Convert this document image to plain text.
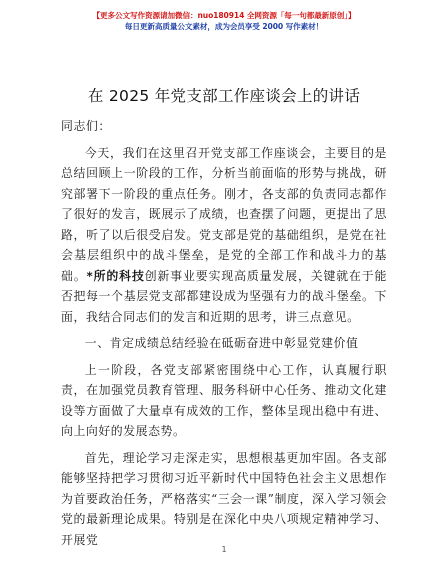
【更多公文写作资源请加微信：nuo180914 全网资源「每一句都最新原创」】
每日更新高质量公文素材，成为会员享受 2000 写作素材！
在 2025 年党支部工作座谈会上的讲话

同志们：

今天，我们在这里召开党支部工作座谈会，主要目的是总结回顾上一阶段的工作，分析当前面临的形势与挑战，研究部署下一阶段的重点任务。刚才，各支部的负责同志都作了很好的发言，既展示了成绩，也查摆了问题，更提出了思路，听了以后很受启发。党支部是党的基础组织，是党在社会基层组织中的战斗堡垒，是党的全部工作和战斗力的基础。*所的科技创新事业要实现高质量发展，关键就在于能否把每一个基层党支部都建设成为坚强有力的战斗堡垒。下面，我结合同志们的发言和近期的思考，讲三点意见。

一、肯定成绩总结经验在砥砺奋进中彰显党建价值

上一阶段，各党支部紧密围绕中心工作，认真履行职责，在加强党员教育管理、服务科研中心任务、推动文化建设等方面做了大量卓有成效的工作，整体呈现出稳中有进、向上向好的发展态势。

首先，理论学习走深走实，思想根基更加牢固。各支部能够坚持把学习贯彻习近平新时代中国特色社会主义思想作为首要政治任务，严格落实“三会一课”制度，深入学习领会党的最新理论成果。特别是在深化中央八项规定精神学习、开展党

1
